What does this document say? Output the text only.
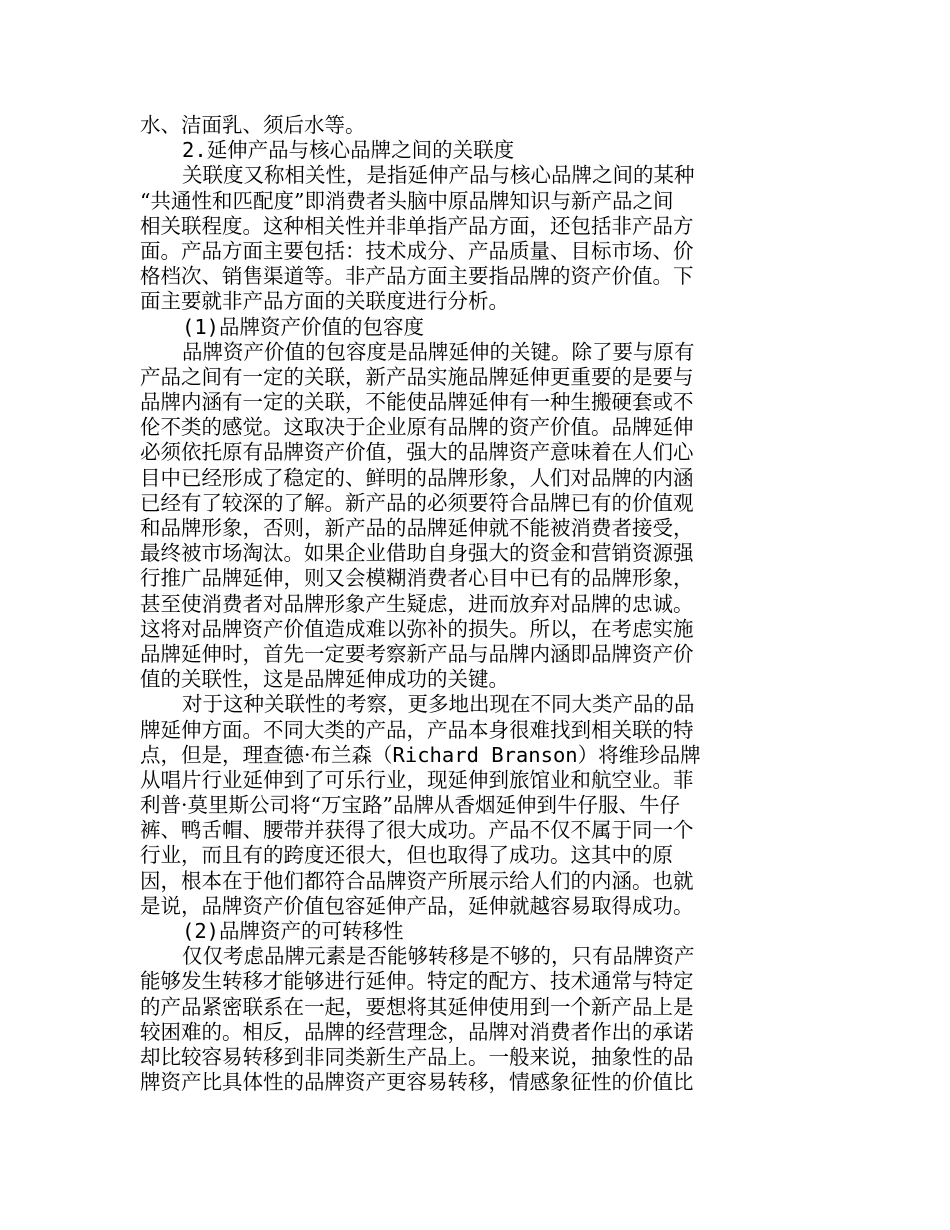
水、洁面乳、须后水等。
2.延伸产品与核心品牌之间的关联度
关联度又称相关性，是指延伸产品与核心品牌之间的某种
“共通性和匹配度”即消费者头脑中原品牌知识与新产品之间
相关联程度。这种相关性并非单指产品方面，还包括非产品方
面。产品方面主要包括：技术成分、产品质量、目标市场、价
格档次、销售渠道等。非产品方面主要指品牌的资产价值。下
面主要就非产品方面的关联度进行分析。
(1)品牌资产价值的包容度
品牌资产价值的包容度是品牌延伸的关键。除了要与原有
产品之间有一定的关联，新产品实施品牌延伸更重要的是要与
品牌内涵有一定的关联，不能使品牌延伸有一种生搬硬套或不
伦不类的感觉。这取决于企业原有品牌的资产价值。品牌延伸
必须依托原有品牌资产价值，强大的品牌资产意味着在人们心
目中已经形成了稳定的、鲜明的品牌形象，人们对品牌的内涵
已经有了较深的了解。新产品的必须要符合品牌已有的价值观
和品牌形象，否则，新产品的品牌延伸就不能被消费者接受，
最终被市场淘汰。如果企业借助自身强大的资金和营销资源强
行推广品牌延伸，则又会模糊消费者心目中已有的品牌形象，
甚至使消费者对品牌形象产生疑虑，进而放弃对品牌的忠诚。
这将对品牌资产价值造成难以弥补的损失。所以，在考虑实施
品牌延伸时，首先一定要考察新产品与品牌内涵即品牌资产价
值的关联性，这是品牌延伸成功的关键。
对于这种关联性的考察，更多地出现在不同大类产品的品
牌延伸方面。不同大类的产品，产品本身很难找到相关联的特
点，但是，理查德·布兰森（Richard Branson）将维珍品牌
从唱片行业延伸到了可乐行业，现延伸到旅馆业和航空业。菲
利普·莫里斯公司将“万宝路”品牌从香烟延伸到牛仔服、牛仔
裤、鸭舌帽、腰带并获得了很大成功。产品不仅不属于同一个
行业，而且有的跨度还很大，但也取得了成功。这其中的原
因，根本在于他们都符合品牌资产所展示给人们的内涵。也就
是说，品牌资产价值包容延伸产品，延伸就越容易取得成功。
(2)品牌资产的可转移性
仅仅考虑品牌元素是否能够转移是不够的，只有品牌资产
能够发生转移才能够进行延伸。特定的配方、技术通常与特定
的产品紧密联系在一起，要想将其延伸使用到一个新产品上是
较困难的。相反，品牌的经营理念，品牌对消费者作出的承诺
却比较容易转移到非同类新生产品上。一般来说，抽象性的品
牌资产比具体性的品牌资产更容易转移，情感象征性的价值比
